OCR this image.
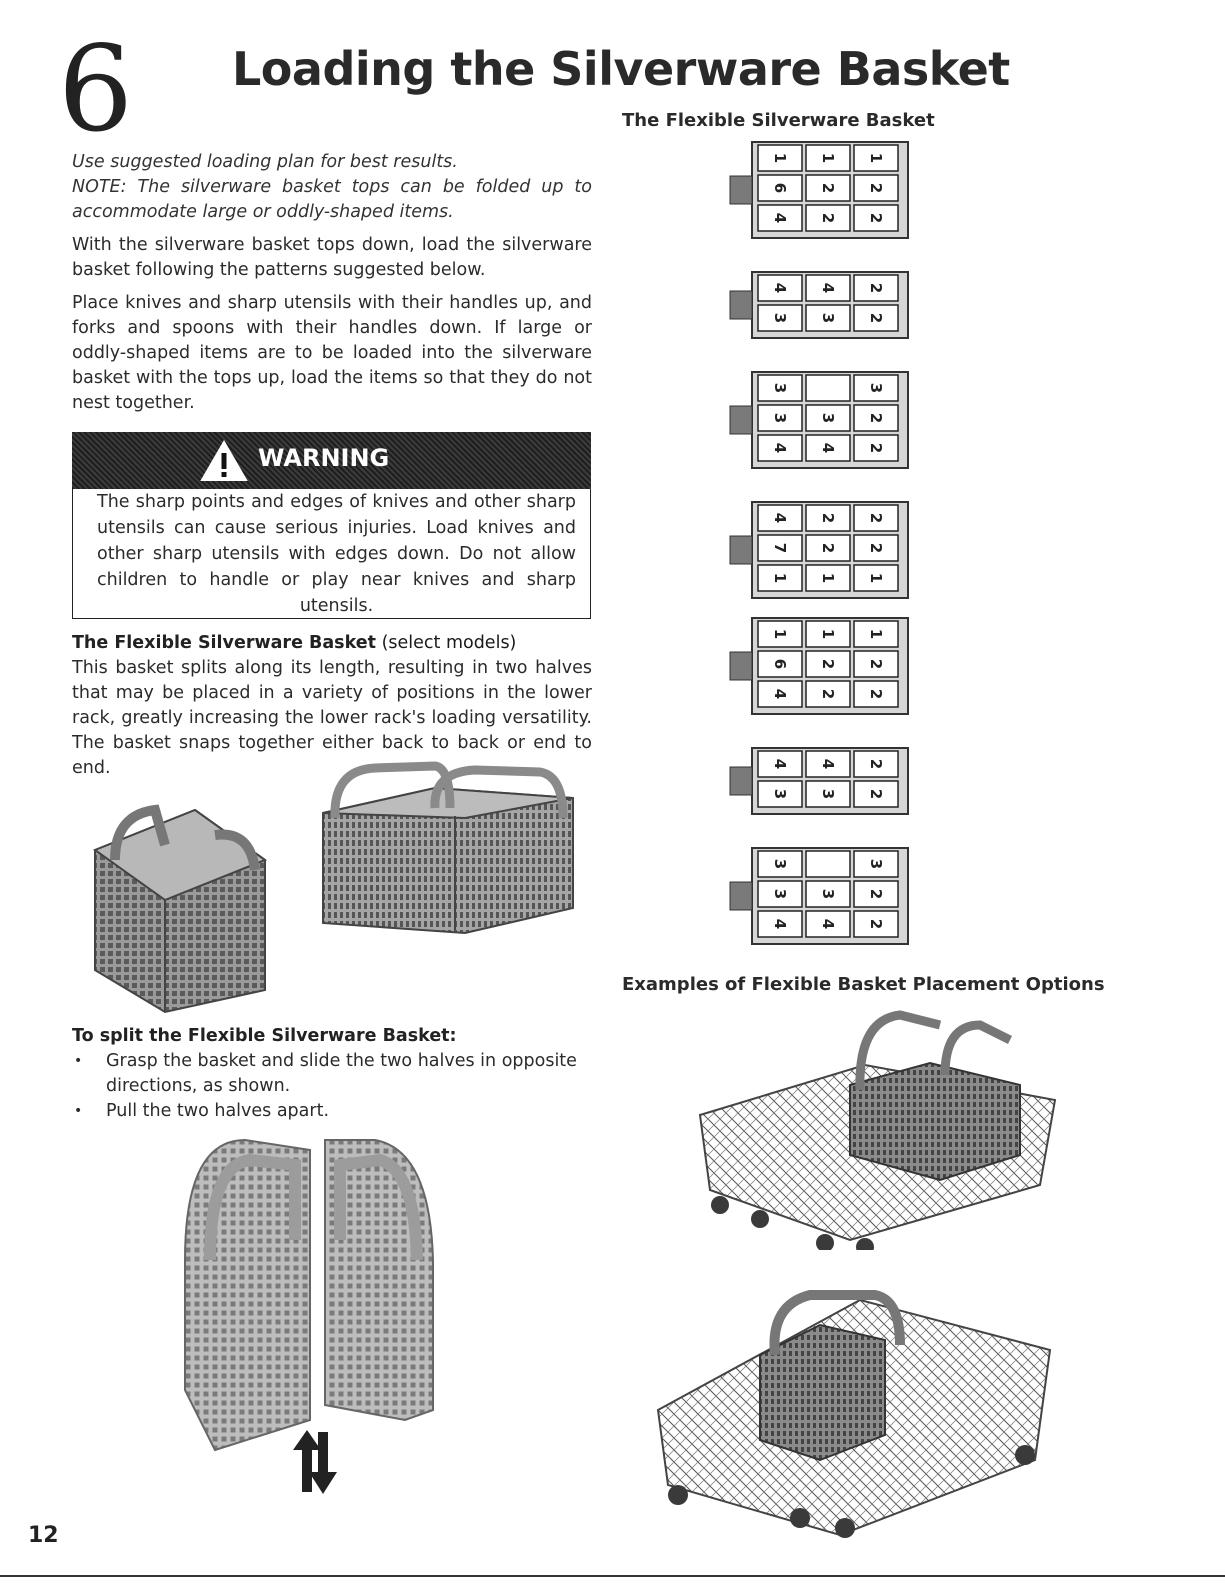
6 Loading the Silverware Basket
Use suggested loading plan for best results.
NOTE: The silverware basket tops can be folded up to accommodate large or oddly-shaped items.
With the silverware basket tops down, load the silverware basket following the patterns suggested below.
Place knives and sharp utensils with their handles up, and forks and spoons with their handles down. If large or oddly-shaped items are to be loaded into the silverware basket with the tops up, load the items so that they do not nest together.
WARNING

The sharp points and edges of knives and other sharp utensils can cause serious injuries. Load knives and other sharp utensils with edges down. Do not allow children to handle or play near knives and sharp utensils.

The Flexible Silverware Basket (select models)
This basket splits along its length, resulting in two halves that may be placed in a variety of positions in the lower rack, greatly increasing the lower rack's loading versatility. The basket snaps together either back to back or end to end.
To split the Flexible Silverware Basket:
• Grasp the basket and slide the two halves in opposite directions, as shown.
• Pull the two halves apart.
The Flexible Silverware Basket
1 1 1
6 2 2
4 2 2
4 4 2
3 3 2
3	3
3 3 2
4 4 2
4 2 2
7 2 2
1 1 1
1 1 1
6 2 2
4 2 2
4 4 2
3 3 2
3	3
3 3 2
4 4 2
Examples of Flexible Basket Placement Options
12
